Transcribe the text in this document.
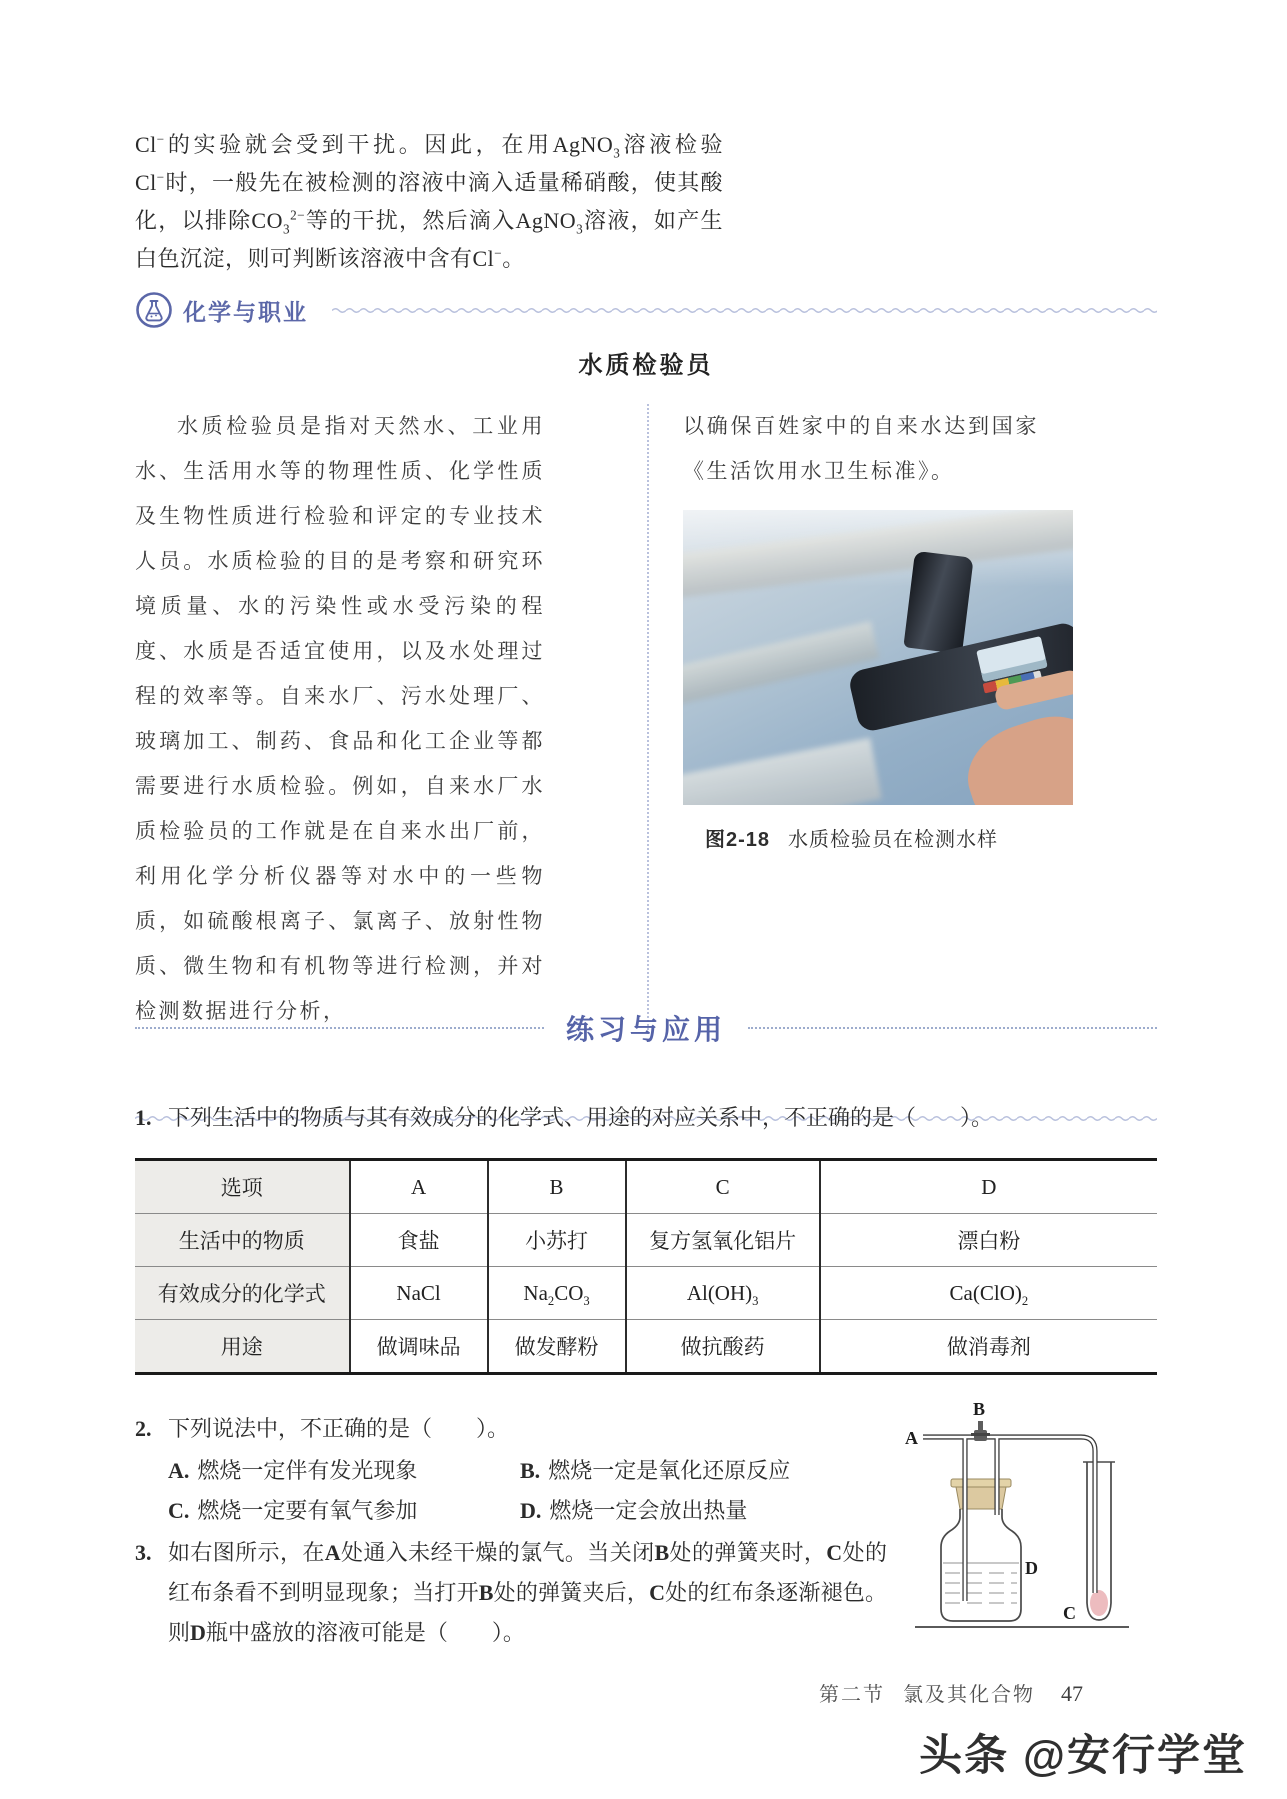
Cl−的实验就会受到干扰。因此，在用AgNO$_3$溶液检验Cl−时，一般先在被检测的溶液中滴入适量稀硝酸，使其酸化，以排除$CO_3^{2-}$等的干扰，然后滴入AgNO$_3$溶液，如产生白色沉淀，则可判断该溶液中含有Cl−。
化学与职业
水质检验员
水质检验员是指对天然水、工业用水、生活用水等的物理性质、化学性质及生物性质进行检验和评定的专业技术人员。水质检验的目的是考察和研究环境质量、水的污染性或水受污染的程度、水质是否适宜使用，以及水处理过程的效率等。自来水厂、污水处理厂、玻璃加工、制药、食品和化工企业等都需要进行水质检验。例如，自来水厂水质检验员的工作就是在自来水出厂前，利用化学分析仪器等对水中的一些物质，如硫酸根离子、氯离子、放射性物质、微生物和有机物等进行检测，并对检测数据进行分析，
以确保百姓家中的自来水达到国家《生活饮用水卫生标准》。
图2-18 水质检验员在检测水样
练习与应用
1. 下列生活中的物质与其有效成分的化学式、用途的对应关系中，不正确的是（　　）。
选项	A	B	C	D
生活中的物质	食盐	小苏打	复方氢氧化铝片	漂白粉
有效成分的化学式	NaCl	$Na_2CO_3$	$Al(OH)_3$	$Ca(ClO)_2$
用途	做调味品	做发酵粉	做抗酸药	做消毒剂
A
B
C
D
2. 下列说法中，不正确的是（　　）。
A. 燃烧一定伴有发光现象	B. 燃烧一定是氧化还原反应
C. 燃烧一定要有氧气参加	D. 燃烧一定会放出热量
3. 如右图所示，在A处通入未经干燥的氯气。当关闭B处的弹簧夹时，C处的红布条看不到明显现象；当打开B处的弹簧夹后，C处的红布条逐渐褪色。则D瓶中盛放的溶液可能是（　　）。
第二节 氯及其化合物 47
头条 @安行学堂
